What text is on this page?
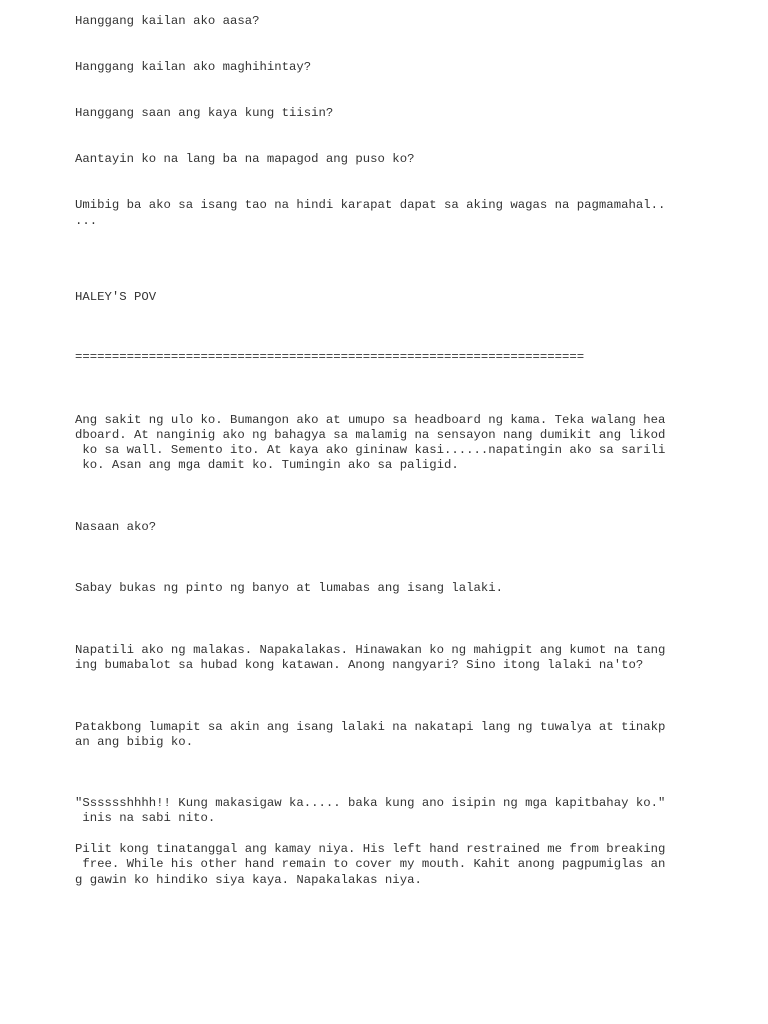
Hanggang kailan ako aasa?

Hanggang kailan ako maghihintay?

Hanggang saan ang kaya kung tiisin?

Aantayin ko na lang ba na mapagod ang puso ko?

Umibig ba ako sa isang tao na hindi karapat dapat sa aking wagas na pagmamahal..

...

HALEY'S POV

=====================================================================

Ang sakit ng ulo ko. Bumangon ako at umupo sa headboard ng kama. Teka walang hea

dboard. At nanginig ako ng bahagya sa malamig na sensayon nang dumikit ang likod

ko sa wall. Semento ito. At kaya ako gininaw kasi......napatingin ako sa sarili

ko. Asan ang mga damit ko. Tumingin ako sa paligid.

Nasaan ako?

Sabay bukas ng pinto ng banyo at lumabas ang isang lalaki.

Napatili ako ng malakas. Napakalakas. Hinawakan ko ng mahigpit ang kumot na tang

ing bumabalot sa hubad kong katawan. Anong nangyari? Sino itong lalaki na'to?

Patakbong lumapit sa akin ang isang lalaki na nakatapi lang ng tuwalya at tinakp

an ang bibig ko.

"Sssssshhhh!! Kung makasigaw ka..... baka kung ano isipin ng mga kapitbahay ko."

inis na sabi nito.

Pilit kong tinatanggal ang kamay niya. His left hand restrained me from breaking

free. While his other hand remain to cover my mouth. Kahit anong pagpumiglas an

g gawin ko hindiko siya kaya. Napakalakas niya.
